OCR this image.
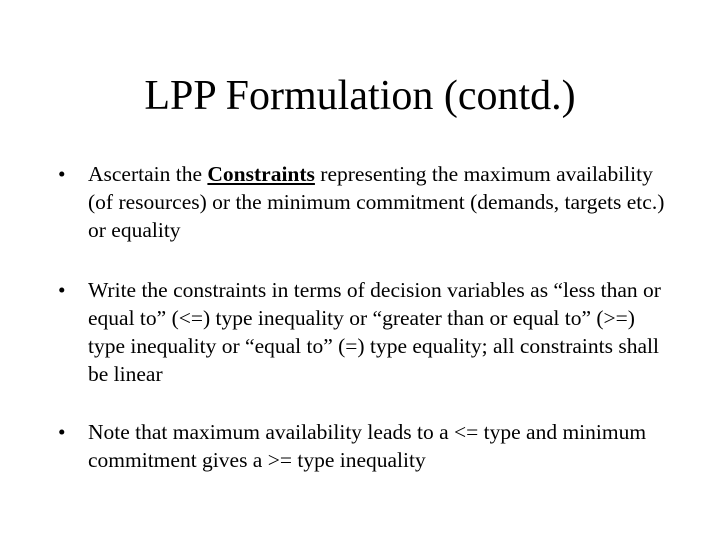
LPP Formulation (contd.)
•	Ascertain the Constraints representing the maximum availability (of resources) or the minimum commitment (demands, targets etc.) or equality
•	Write the constraints in terms of decision variables as “less than or equal to” (<=) type inequality or “greater than or equal to” (>=) type inequality or “equal to” (=) type equality; all constraints shall be linear
•	Note that maximum availability leads to a <= type and minimum commitment gives a >= type inequality
